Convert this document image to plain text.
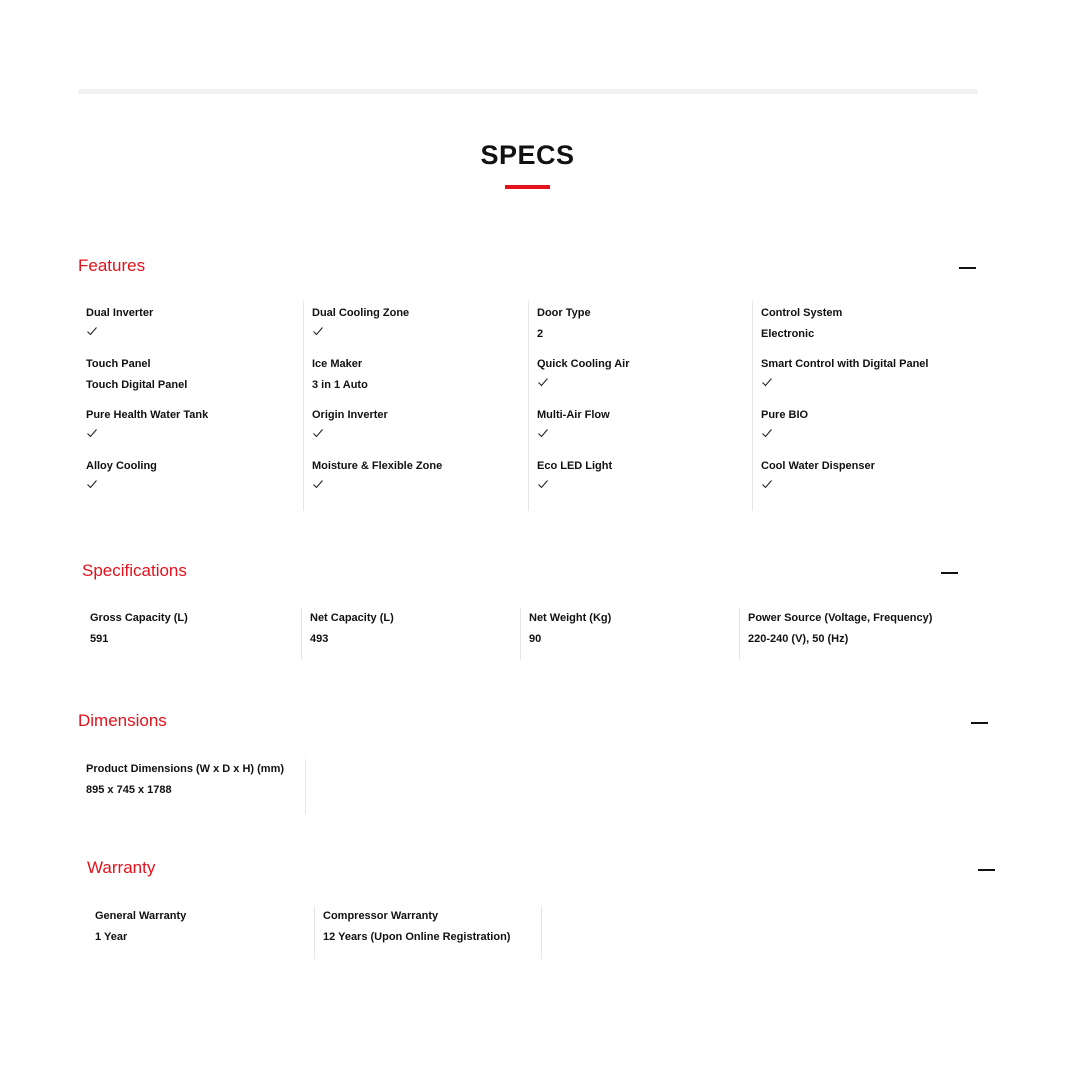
SPECS
Features
Dual Inverter
Touch Panel
Touch Digital Panel
Pure Health Water Tank
Alloy Cooling
Dual Cooling Zone
Ice Maker
3 in 1 Auto
Origin Inverter
Moisture & Flexible Zone
Door Type
2
Quick Cooling Air
Multi-Air Flow
Eco LED Light
Control System
Electronic
Smart Control with Digital Panel
Pure BIO
Cool Water Dispenser
Specifications
Gross Capacity (L)
591
Net Capacity (L)
493
Net Weight (Kg)
90
Power Source (Voltage, Frequency)
220-240 (V), 50 (Hz)
Dimensions
Product Dimensions (W x D x H) (mm)
895 x 745 x 1788
Warranty
General Warranty
1 Year
Compressor Warranty
12 Years (Upon Online Registration)
